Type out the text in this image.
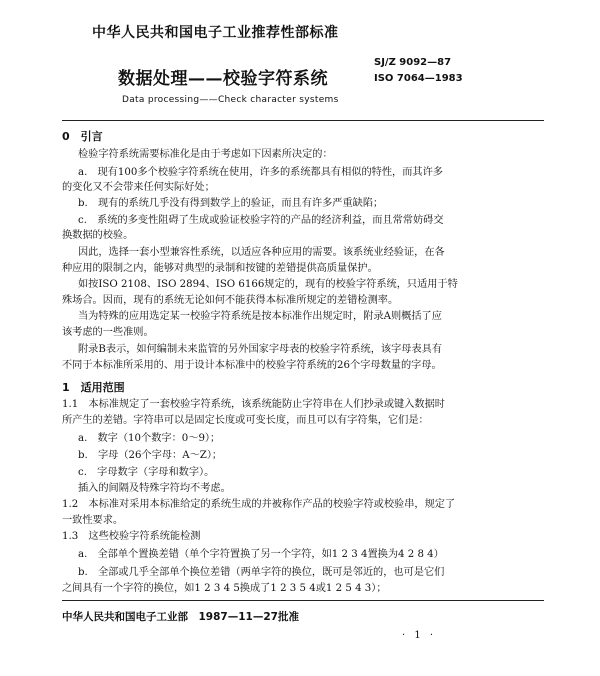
中华人民共和国电子工业推荐性部标准
SJ/Z 9092—87
数据处理——校验字符系统	ISO 7064—1983
Data processing——Check character systems
0　引言
检验字符系统需要标准化是由于考虑如下因素所决定的：
a.　现有100多个校验字符系统在使用，许多的系统都具有相似的特性，而其许多
的变化又不会带来任何实际好处；
b.　现有的系统几乎没有得到数学上的验证，而且有许多严重缺陷；
c.　系统的多变性阻碍了生成或验证校验字符的产品的经济利益，而且常常妨碍交
换数据的校验。
因此，选择一套小型兼容性系统，以适应各种应用的需要。该系统业经验证，在各
种应用的限制之内，能够对典型的录制和按键的差错提供高质量保护。
如按ISO 2108、ISO 2894、ISO 6166规定的，现有的校验字符系统，只适用于特
殊场合。因而，现有的系统无论如何不能获得本标准所规定的差错检测率。
当为特殊的应用选定某一校验字符系统是按本标准作出规定时，附录A则概括了应
该考虑的一些准则。
附录B表示，如何编制未来监管的另外国家字母表的校验字符系统，该字母表具有
不同于本标准所采用的、用于设计本标准中的校验字符系统的26个字母数量的字母。
1　适用范围
1.1　本标准规定了一套校验字符系统，该系统能防止字符串在人们抄录或键入数据时
所产生的差错。字符串可以是固定长度或可变长度，而且可以有字符集，它们是：
a.　数字（10个数字：0～9）；
b.　字母（26个字母：A～Z）；
c.　字母数字（字母和数字）。
插入的间隔及特殊字符均不考虑。
1.2　本标准对采用本标准给定的系统生成的并被称作产品的校验字符或校验串，规定了
一致性要求。
1.3　这些校验字符系统能检测
a.　全部单个置换差错（单个字符置换了另一个字符，如1 2 3 4置换为4 2 8 4）
b.　全部或几乎全部单个换位差错（两单字符的换位，既可是邻近的，也可是它们
之间具有一个字符的换位，如1 2 3 4 5换成了1 2 3 5 4或1 2 5 4 3）；
中华人民共和国电子工业部　1987—11—27批准
· 1 ·
